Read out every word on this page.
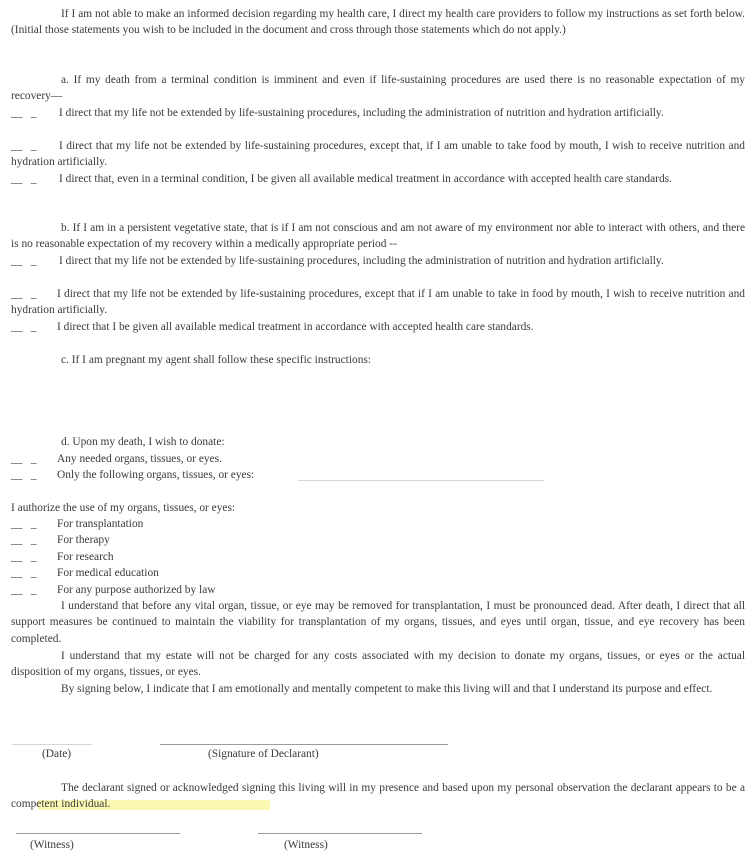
If I am not able to make an informed decision regarding my health care, I direct my health care providers to follow my instructions as set forth below. (Initial those statements you wish to be included in the document and cross through those statements which do not apply.)

a. If my death from a terminal condition is imminent and even if life-sustaining procedures are used there is no reasonable expectation of my recovery—

__   _ I direct that my life not be extended by life-sustaining procedures, including the administration of nutrition and hydration artificially.

__   _ I direct that my life not be extended by life-sustaining procedures, except that, if I am unable to take food by mouth, I wish to receive nutrition and hydration artificially.

__   _ I direct that, even in a terminal condition, I be given all available medical treatment in accordance with accepted health care standards.

b. If I am in a persistent vegetative state, that is if I am not conscious and am not aware of my environment nor able to interact with others, and there is no reasonable expectation of my recovery within a medically appropriate period --

__   _ I direct that my life not be extended by life-sustaining procedures, including the administration of nutrition and hydration artificially.

__   _ I direct that my life not be extended by life-sustaining procedures, except that if I am unable to take in food by mouth, I wish to receive nutrition and hydration artificially.

__   _ I direct that I be given all available medical treatment in accordance with accepted health care standards.

c. If I am pregnant my agent shall follow these specific instructions:
d. Upon my death, I wish to donate:
__   _ Any needed organs, tissues, or eyes.
__   _ Only the following organs, tissues, or eyes:
I authorize the use of my organs, tissues, or eyes:
__   _ For transplantation
__   _ For therapy
__   _ For research
__   _ For medical education
__   _ For any purpose authorized by law

I understand that before any vital organ, tissue, or eye may be removed for transplantation, I must be pronounced dead. After death, I direct that all support measures be continued to maintain the viability for transplantation of my organs, tissues, and eyes until organ, tissue, and eye recovery has been completed.

I understand that my estate will not be charged for any costs associated with my decision to donate my organs, tissues, or eyes or the actual disposition of my organs, tissues, or eyes.

By signing below, I indicate that I am emotionally and mentally competent to make this living will and that I understand its purpose and effect.

(Date)	(Signature of Declarant)

The declarant signed or acknowledged signing this living will in my presence and based upon my personal observation the declarant appears to be a competent individual.

(Witness)	(Witness)
